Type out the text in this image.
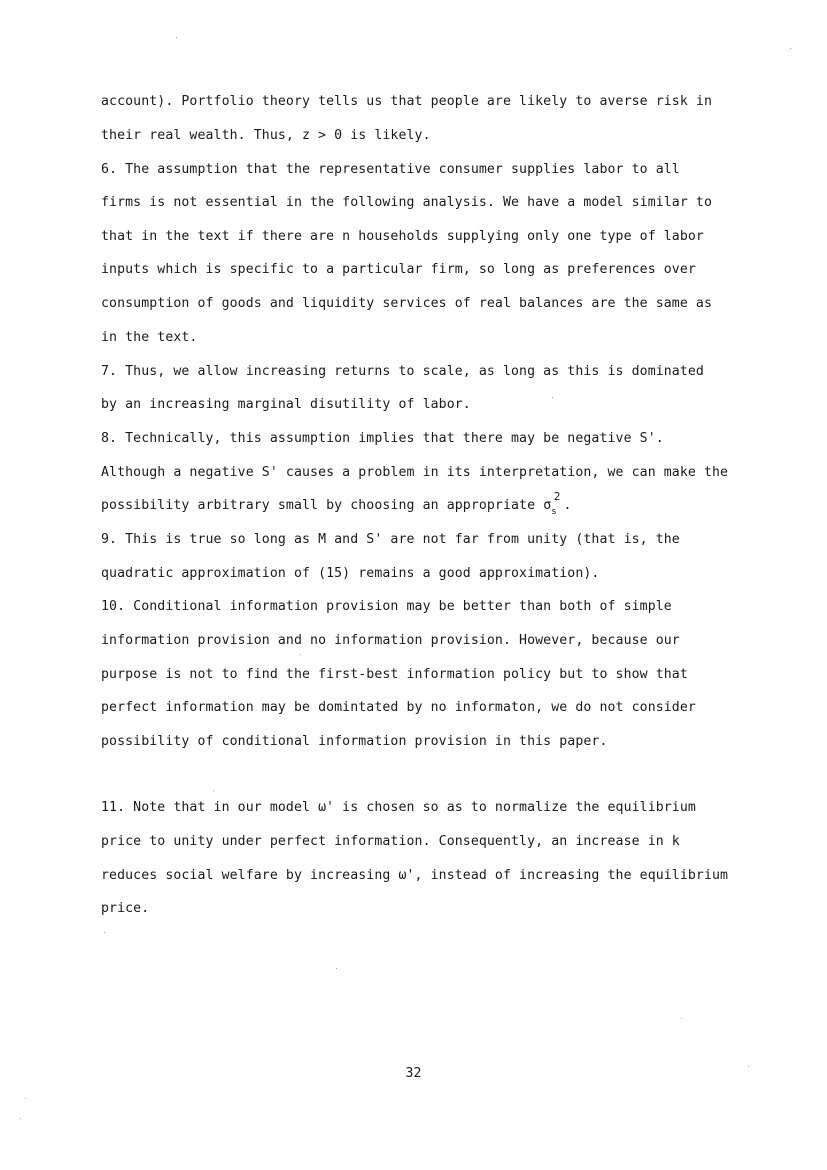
account). Portfolio theory tells us that people are likely to averse risk in
their real wealth. Thus, z > 0 is likely.
6. The assumption that the representative consumer supplies labor to all
firms is not essential in the following analysis. We have a model similar to
that in the text if there are n households supplying only one type of labor
inputs which is specific to a particular firm, so long as preferences over
consumption of goods and liquidity services of real balances are the same as
in the text.
7. Thus, we allow increasing returns to scale, as long as this is dominated
by an increasing marginal disutility of labor.
8. Technically, this assumption implies that there may be negative S'.
Although a negative S' causes a problem in its interpretation, we can make the
possibility arbitrary small by choosing an appropriate $\sigma_s^2$.
9. This is true so long as M and S' are not far from unity (that is, the
quadratic approximation of (15) remains a good approximation).
10. Conditional information provision may be better than both of simple
information provision and no information provision. However, because our
purpose is not to find the first-best information policy but to show that
perfect information may be domintated by no informaton, we do not consider
possibility of conditional information provision in this paper.
11. Note that in our model ω' is chosen so as to normalize the equilibrium
price to unity under perfect information. Consequently, an increase in k
reduces social welfare by increasing ω', instead of increasing the equilibrium
price.
32
